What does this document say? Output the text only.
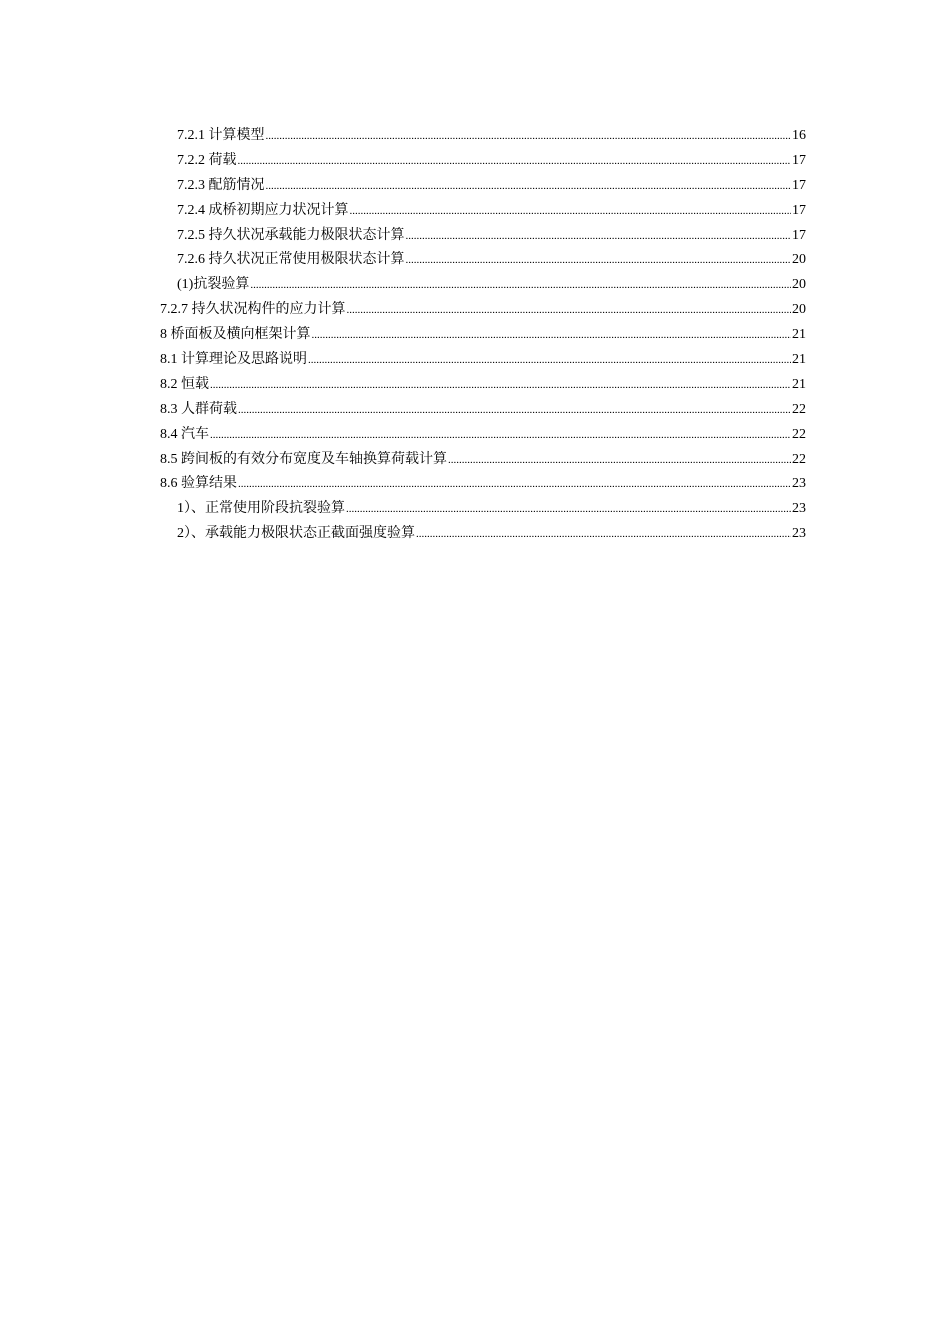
7.2.1 计算模型 .....	16
7.2.2 荷载 .....	17
7.2.3 配筋情况 .....	17
7.2.4 成桥初期应力状况计算 .....	17
7.2.5 持久状况承载能力极限状态计算 .....	17
7.2.6 持久状况正常使用极限状态计算 .....	20
(1)抗裂验算 .....	20
7.2.7 持久状况构件的应力计算 .....	20
8 桥面板及横向框架计算 .....	21
8.1 计算理论及思路说明 .....	21
8.2 恒载 .....	21
8.3 人群荷载 .....	22
8.4 汽车 .....	22
8.5 跨间板的有效分布宽度及车轴换算荷载计算 .....	22
8.6 验算结果 .....	23
1）、正常使用阶段抗裂验算 .....	23
2）、承载能力极限状态正截面强度验算 .....	23
